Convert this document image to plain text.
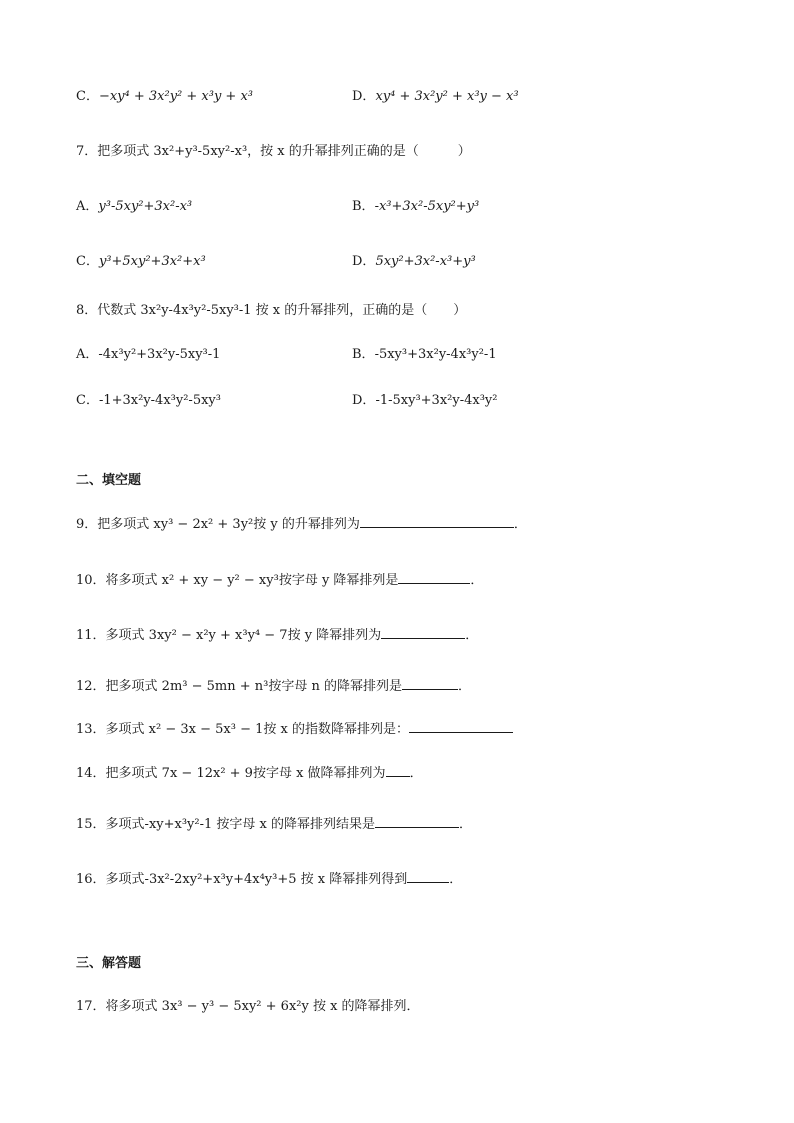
C．−xy⁴ + 3x²y² + x³y + x³	D．xy⁴ + 3x²y² + x³y − x³
7．把多项式 3x²+y³-5xy²-x³，按 x 的升幂排列正确的是（　　　）
A．y³-5xy²+3x²-x³	B．-x³+3x²-5xy²+y³
C．y³+5xy²+3x²+x³	D．5xy²+3x²-x³+y³
8．代数式 3x²y-4x³y²-5xy³-1 按 x 的升幂排列，正确的是（　　）
A．-4x³y²+3x²y-5xy³-1	B．-5xy³+3x²y-4x³y²-1
C．-1+3x²y-4x³y²-5xy³	D．-1-5xy³+3x²y-4x³y²
二、填空题
9．把多项式 xy³ − 2x² + 3y²按 y 的升幂排列为	．
10．将多项式 x² + xy − y² − xy³按字母 y 降幂排列是	．
11．多项式 3xy² − x²y + x³y⁴ − 7按 y 降幂排列为	．
12．把多项式 2m³ − 5mn + n³按字母 n 的降幂排列是	．
13．多项式 x² − 3x − 5x³ − 1按 x 的指数降幂排列是：
14．把多项式 7x − 12x² + 9按字母 x 做降幂排列为 ．
15．多项式-xy+x³y²-1 按字母 x 的降幂排列结果是	．
16．多项式-3x²-2xy²+x³y+4x⁴y³+5 按 x 降幂排列得到	．
三、解答题
17．将多项式 3x³ − y³ − 5xy² + 6x²y 按 x 的降幂排列．
